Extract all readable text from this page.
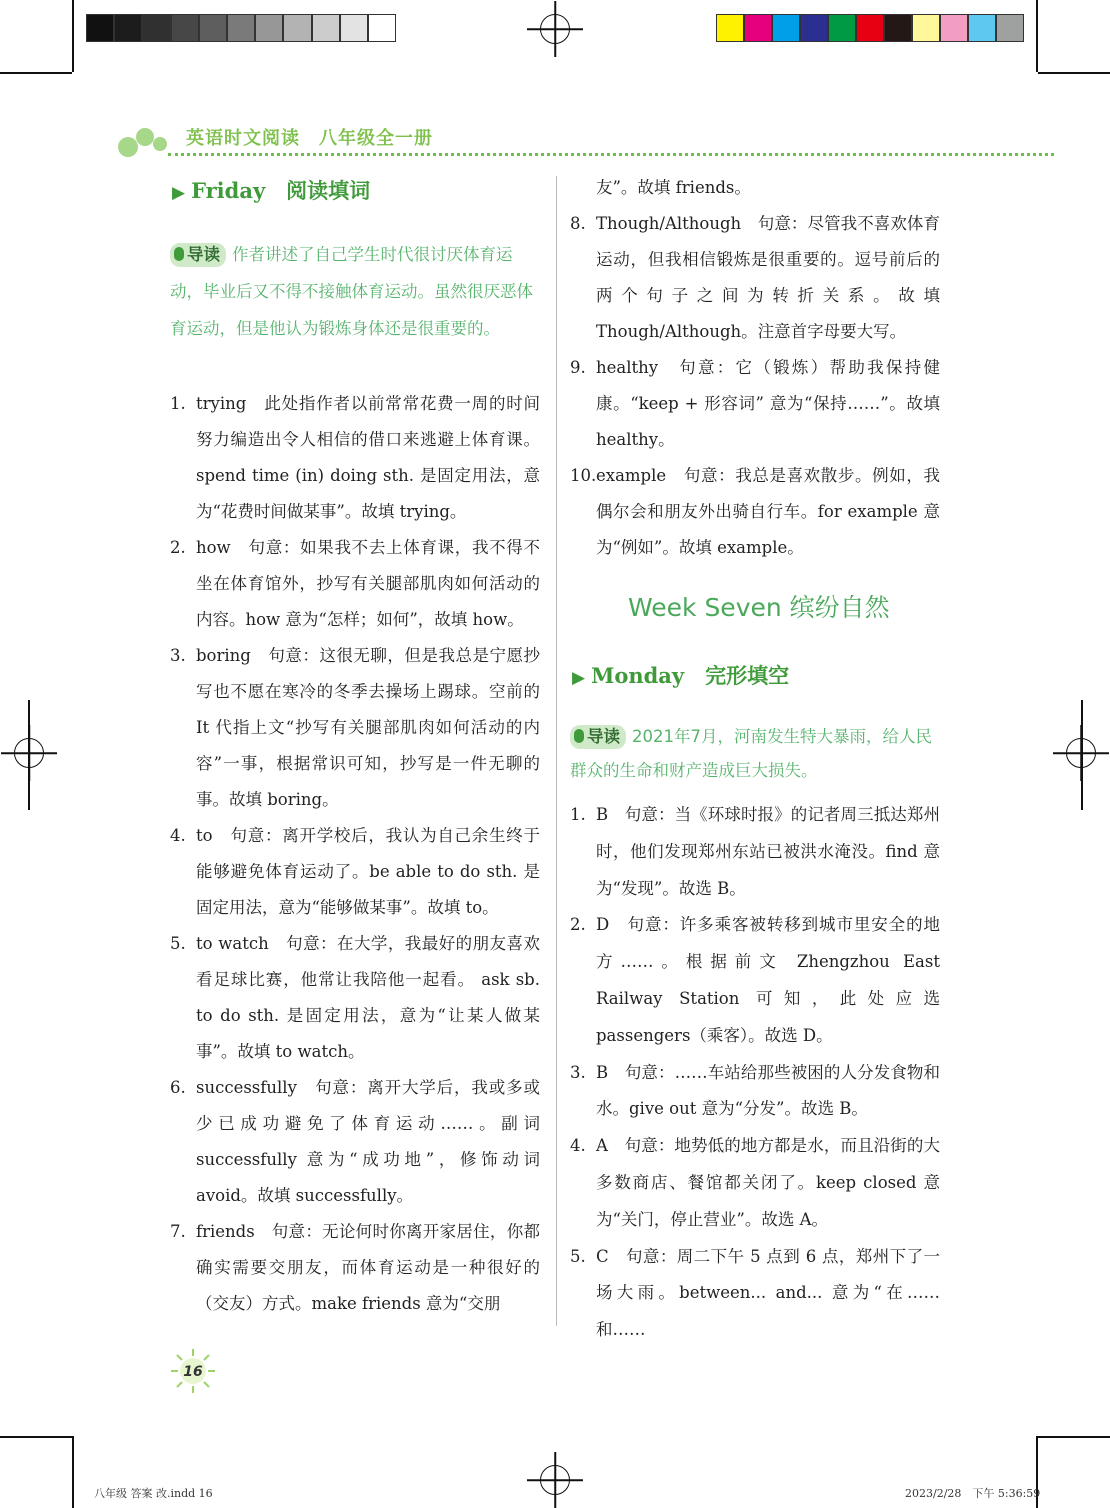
英语时文阅读　八年级全一册
▶ Friday　阅读填词
导读 作者讲述了自己学生时代很讨厌体育运动，毕业后又不得不接触体育运动。虽然很厌恶体育运动，但是他认为锻炼身体还是很重要的。
1. trying　此处指作者以前常常花费一周的时间努力编造出令人相信的借口来逃避上体育课。spend time (in) doing sth. 是固定用法，意为“花费时间做某事”。故填 trying。
2. how　句意：如果我不去上体育课，我不得不坐在体育馆外，抄写有关腿部肌肉如何活动的内容。how 意为“怎样；如何”，故填 how。
3. boring　句意：这很无聊，但是我总是宁愿抄写也不愿在寒冷的冬季去操场上踢球。空前的 It 代指上文“抄写有关腿部肌肉如何活动的内容”一事，根据常识可知，抄写是一件无聊的事。故填 boring。
4. to　句意：离开学校后，我认为自己余生终于能够避免体育运动了。be able to do sth. 是固定用法，意为“能够做某事”。故填 to。
5. to watch　句意：在大学，我最好的朋友喜欢看足球比赛，他常让我陪他一起看。 ask sb. to do sth. 是固定用法，意为“让某人做某事”。故填 to watch。
6. successfully　句意：离开大学后，我或多或少已成功避免了体育运动……。副词 successfully 意为“成功地”，修饰动词 avoid。故填 successfully。
7. friends　句意：无论何时你离开家居住，你都确实需要交朋友，而体育运动是一种很好的（交友）方式。make friends 意为“交朋
友”。故填 friends。
8. Though/Although　句意：尽管我不喜欢体育运动，但我相信锻炼是很重要的。逗号前后的两个句子之间为转折关系。故填 Though/Although。注意首字母要大写。
9. healthy　句意：它（锻炼）帮助我保持健康。“keep + 形容词” 意为“保持……”。故填 healthy。
10. example　句意：我总是喜欢散步。例如，我偶尔会和朋友外出骑自行车。for example 意为“例如”。故填 example。
Week Seven 缤纷自然
▶ Monday　完形填空
导读 2021年7月，河南发生特大暴雨，给人民群众的生命和财产造成巨大损失。
1. B　句意：当《环球时报》的记者周三抵达郑州时，他们发现郑州东站已被洪水淹没。find 意为“发现”。故选 B。
2. D　句意：许多乘客被转移到城市里安全的地方……。根据前文 Zhengzhou East Railway Station 可知，此处应选 passengers（乘客）。故选 D。
3. B　句意：……车站给那些被困的人分发食物和水。give out 意为“分发”。故选 B。
4. A　句意：地势低的地方都是水，而且沿街的大多数商店、餐馆都关闭了。keep closed 意为“关门，停止营业”。故选 A。
5. C　句意：周二下午 5 点到 6 点，郑州下了一场大雨。between... and... 意为“在……和……
16
八年级 答案 改.indd 16	2023/2/28　下午 5:36:59
